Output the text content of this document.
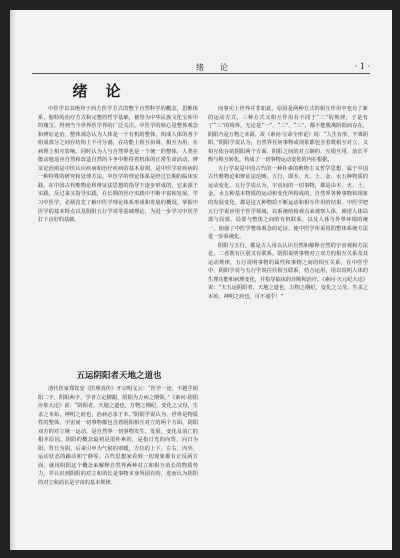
绪　　论	· 1 ·
绪论

中医学以其绝异于西方医学方式的整个自然科学的概念，思维体系，独特的治疗方式和完整的哲学基础，被誉为中华民族文化宝库中的瑰宝，得到当今世界医学界的广泛关注。中医学的核心是整体观念和辨证论治，整体观念认为人体是一个有机的整体，构成人体的各个组成部分之间在结构上不可分割，在功能上相互协调、相互为用，在病理上相互影响。同时认为人与自然界也是一个统一的整体，人类在能动地适应自然和改造自然的斗争中维持着机体的正常生命活动。辨证论治则是中医认识疾病和治疗疾病的基本原则，是中医学对疾病的一种特殊的研究和处理方法。中医学的理论体系是经过长期的临床实践，在中国古代唯物论和辩证法思想的指导下逐步形成的，它来源于实践，反过来又指导实践，在长期的医疗实践中不断丰富和发展。学习中医学，必须首先了解中医学理论体系形成和发展的概况，掌握中医学的基本特点以及阴阳五行学说等基础理论，为进一步学习中医学打下良好的基础。

五运阴阳者天地之道也

清代医家郑钦安《医理真传》开宗明义云：“医学一途，不越乎阴阳二字，阴阳两字，学者立定脚跟，阴阳为万病之纲领。”《素问·阴阳应象大论》说：“阴阳者，天地之道也，万物之纲纪，变化之父母，生杀之本始，神明之府也，治病必求于本。”阴阳学说认为，世界是物质性的整体，宇宙间一切事物都包含着阴阳相互对立的两个方面，阴阳双方的对立统一运动，是自然界一切事物发生、发展、变化及消亡的根本原因。阴阳的概念最初是很朴素的，是指日光的向背，向日为阳，背日为阴。后来引申为气候的寒暖，方位的上下、左右、内外，运动状态的躁动和宁静等。古代思想家看到一切现象都有正反两方面，就用阴阳这个概念来解释自然界两种对立和相互消长的物质势力，并认识到阴阳的对立和消长是事物本身所固有的，进而认为阴阳的对立和消长是宇宙的基本规律。

而事实上世界并非如此，原因是两种方式的相互作用中也有了新的运动方式，三种方式又相互作用有不同于“二”的规律，于是有了“三”的境界。无论是“一”、“二”、“三”，都不能脱离阴阳而存在，阴阳乃是万物之本源。故《素问·宝命全形论》说：“人生有形，不离阴阳。”阴阳学说认为，自然界任何事物或现象都包含着既相互对立、又相互依存的阴阳两个方面，阴阳之间的对立制约、互根互用、消长平衡与相互转化，构成了一切事物运动变化的内在根据。

五行学说是中国古代的一种朴素的唯物主义哲学思想，属于中国古代唯物论和辩证法范畴。五行，即木、火、土、金、水五种物质的运动变化。五行学说认为，宇宙间的一切事物，都是由木、火、土、金、水五种基本物质的运动和变化所构成的，自然界各种事物和现象的发展变化，都是这五种物质不断运动和相互作用的结果。中医学把五行学说应用于医学领域，以系统结构观点来观察人体，阐述人体局部与局部、局部与整体之间的有机联系，以及人体与外界环境的统一，加强了中医学整体观念的论证，使中医学所采用的整体系统方法进一步系统化。

阴阳与五行，都是古人用以认识自然和解释自然的宇宙观和方法论，二者既有区别又有联系。阴阳说明事物对立双方的相互关系及其运动规律，五行说明事物的属性和事物之间的相互关系。在中医学中，阴阳学说与五行学说往往相互联系，结合运用，用以说明人体的生理功能和病理变化，并指导临床的诊断和治疗。《素问·天元纪大论》说：“夫五运阴阳者，天地之道也，万物之纲纪，变化之父母，生杀之本始，神明之府也，可不通乎！”
